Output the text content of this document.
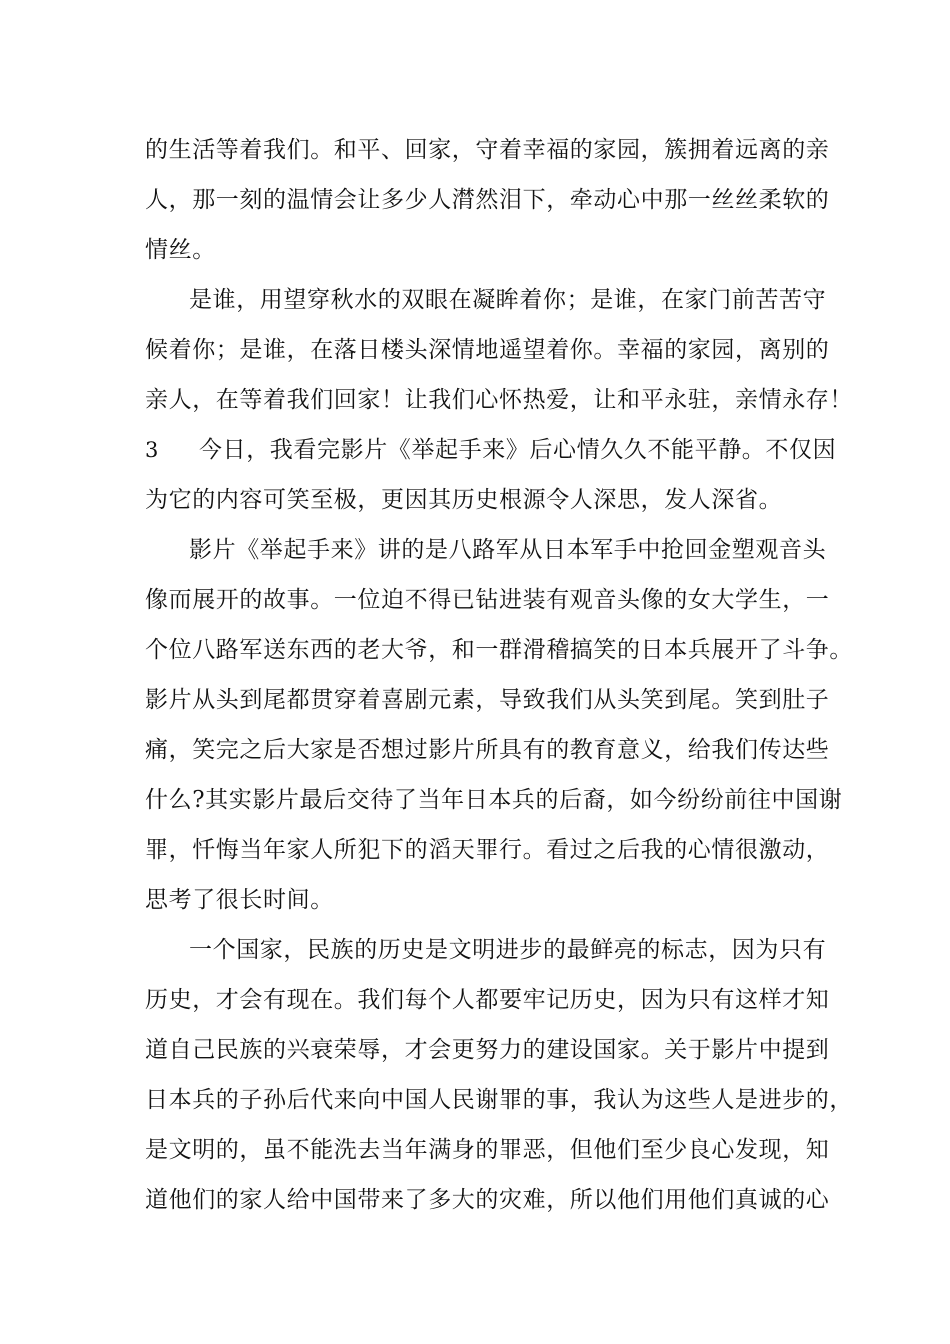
的生活等着我们。和平、回家，守着幸福的家园，簇拥着远离的亲
人，那一刻的温情会让多少人潸然泪下，牵动心中那一丝丝柔软的
情丝。
是谁，用望穿秋水的双眼在凝眸着你；是谁，在家门前苦苦守
候着你；是谁，在落日楼头深情地遥望着你。幸福的家园，离别的
亲人，在等着我们回家！让我们心怀热爱，让和平永驻，亲情永存！
3 今日，我看完影片《举起手来》后心情久久不能平静。不仅因
为它的内容可笑至极，更因其历史根源令人深思，发人深省。
影片《举起手来》讲的是八路军从日本军手中抢回金塑观音头
像而展开的故事。一位迫不得已钻进装有观音头像的女大学生，一
个位八路军送东西的老大爷，和一群滑稽搞笑的日本兵展开了斗争。
影片从头到尾都贯穿着喜剧元素，导致我们从头笑到尾。笑到肚子
痛，笑完之后大家是否想过影片所具有的教育意义，给我们传达些
什么?其实影片最后交待了当年日本兵的后裔，如今纷纷前往中国谢
罪，忏悔当年家人所犯下的滔天罪行。看过之后我的心情很激动，
思考了很长时间。
一个国家，民族的历史是文明进步的最鲜亮的标志，因为只有
历史，才会有现在。我们每个人都要牢记历史，因为只有这样才知
道自己民族的兴衰荣辱，才会更努力的建设国家。关于影片中提到
日本兵的子孙后代来向中国人民谢罪的事，我认为这些人是进步的，
是文明的，虽不能洗去当年满身的罪恶，但他们至少良心发现，知
道他们的家人给中国带来了多大的灾难，所以他们用他们真诚的心
